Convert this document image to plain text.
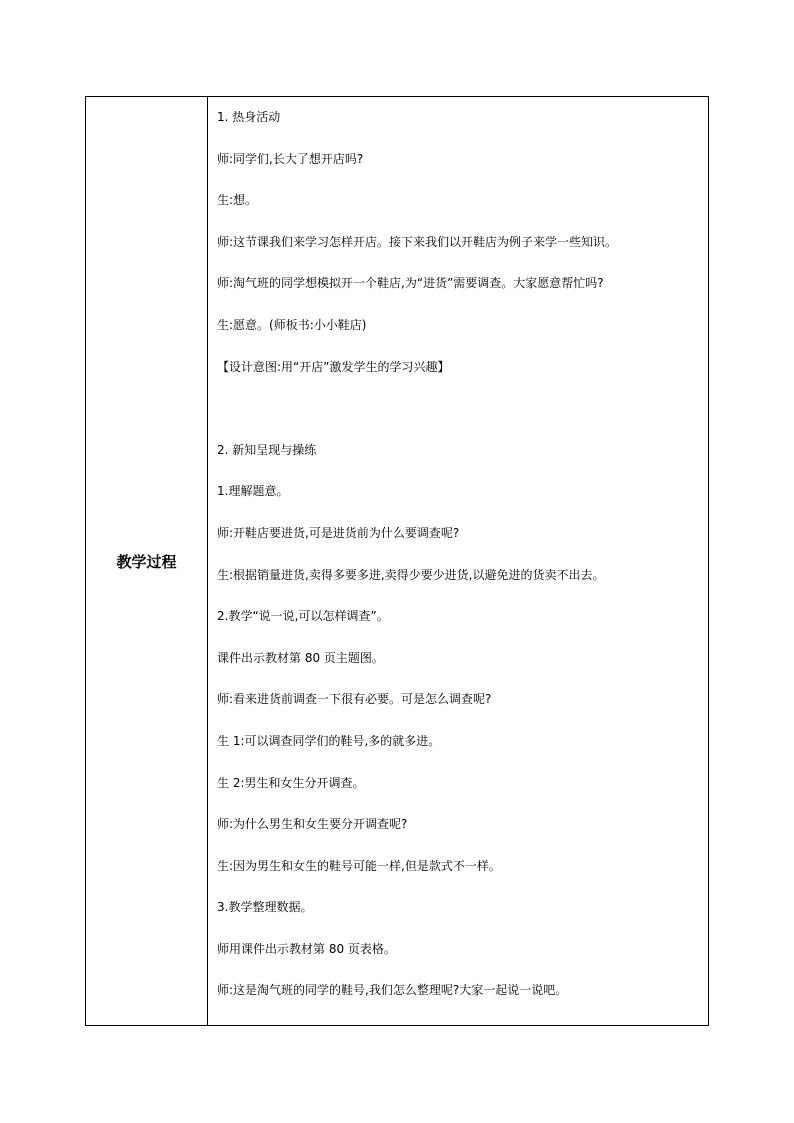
教学过程	
1. 热身活动
师:同学们,长大了想开店吗?
生:想。
师:这节课我们来学习怎样开店。接下来我们以开鞋店为例子来学一些知识。
师:淘气班的同学想模拟开一个鞋店,为“进货”需要调查。大家愿意帮忙吗?
生:愿意。(师板书:小小鞋店)
【设计意图:用“开店”激发学生的学习兴趣】
2. 新知呈现与操练
1.理解题意。
师:开鞋店要进货,可是进货前为什么要调查呢?
生:根据销量进货,卖得多要多进,卖得少要少进货,以避免进的货卖不出去。
2.教学“说一说,可以怎样调查”。
课件出示教材第 80 页主题图。
师:看来进货前调查一下很有必要。可是怎么调查呢?
生 1:可以调查同学们的鞋号,多的就多进。
生 2:男生和女生分开调查。
师:为什么男生和女生要分开调查呢?
生:因为男生和女生的鞋号可能一样,但是款式不一样。
3.教学整理数据。
师用课件出示教材第 80 页表格。
师:这是淘气班的同学的鞋号,我们怎么整理呢?大家一起说一说吧。
